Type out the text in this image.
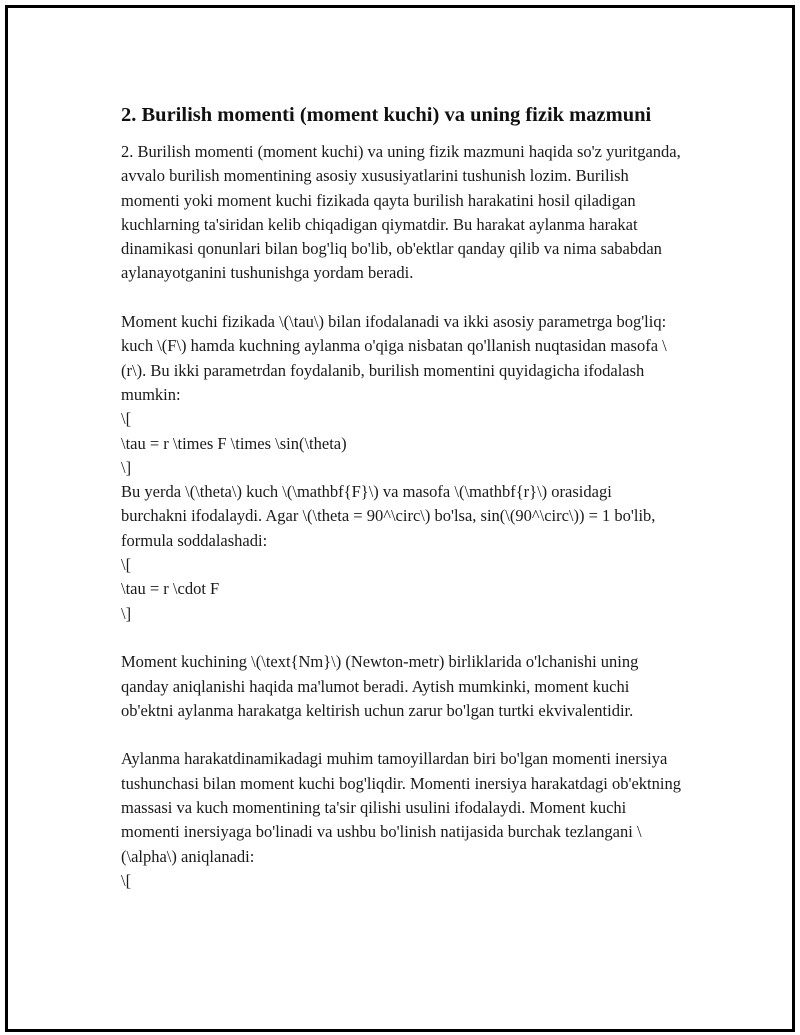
2. Burilish momenti (moment kuchi) va uning fizik mazmuni

2. Burilish momenti (moment kuchi) va uning fizik mazmuni haqida so'z yuritganda, avvalo burilish momentining asosiy xususiyatlarini tushunish lozim. Burilish momenti yoki moment kuchi fizikada qayta burilish harakatini hosil qiladigan kuchlarning ta'siridan kelib chiqadigan qiymatdir. Bu harakat aylanma harakat dinamikasi qonunlari bilan bog'liq bo'lib, ob'ektlar qanday qilib va nima sababdan aylanayotganini tushunishga yordam beradi.

Moment kuchi fizikada \(\tau\) bilan ifodalanadi va ikki asosiy parametrga bog'liq: kuch \(F\) hamda kuchning aylanma o'qiga nisbatan qo'llanish nuqtasidan masofa \(r\). Bu ikki parametrdan foydalanib, burilish momentini quyidagicha ifodalash mumkin:

\[
\tau = r \times F \times \sin(\theta)
\]

Bu yerda \(\theta\) kuch \(\mathbf{F}\) va masofa \(\mathbf{r}\) orasidagi burchakni ifodalaydi. Agar \(\theta = 90^\circ\) bo'lsa, sin(\(90^\circ\)) = 1 bo'lib, formula soddalashadi:

\[
\tau = r \cdot F
\]

Moment kuchining \(\text{Nm}\) (Newton-metr) birliklarida o'lchanishi uning qanday aniqlanishi haqida ma'lumot beradi. Aytish mumkinki, moment kuchi ob'ektni aylanma harakatga keltirish uchun zarur bo'lgan turtki ekvivalentidir.

Aylanma harakatdinamikadagi muhim tamoyillardan biri bo'lgan momenti inersiya tushunchasi bilan moment kuchi bog'liqdir. Momenti inersiya harakatdagi ob'ektning massasi va kuch momentining ta'sir qilishi usulini ifodalaydi. Moment kuchi momenti inersiyaga bo'linadi va ushbu bo'linish natijasida burchak tezlangani \(\alpha\) aniqlanadi:

\[
